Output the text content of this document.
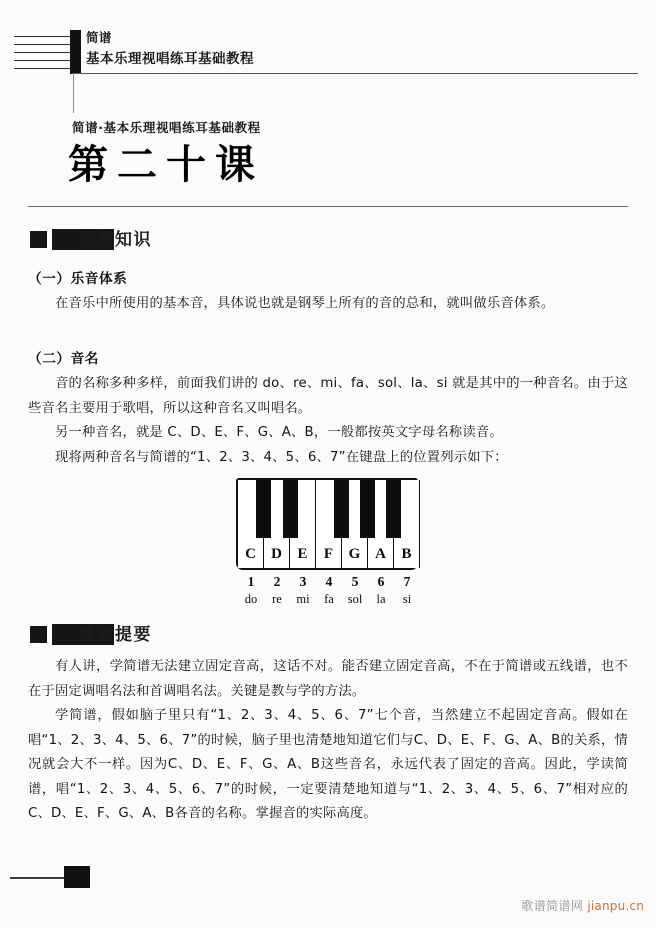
简谱
基本乐理视唱练耳基础教程
简谱·基本乐理视唱练耳基础教程
第二十课
乐理知识
（一）乐音体系

在音乐中所使用的基本音，具体说也就是钢琴上所有的音的总和，就叫做乐音体系。

（二）音名

音的名称多种多样，前面我们讲的 do、re、mi、fa、sol、la、si 就是其中的一种音名。由于这些音名主要用于歌唱，所以这种音名又叫唱名。

另一种音名，就是 C、D、E、F、G、A、B，一般都按英文字母名称读音。

现将两种音名与简谱的“1、2、3、4、5、6、7”在键盘上的位置列示如下：

C	D	E	F	G A	B
1	2	3	4	5	6	7
do	re	mi	fa	sol	la	si
读谱提要

有人讲，学简谱无法建立固定音高，这话不对。能否建立固定音高，不在于简谱或五线谱，也不在于固定调唱名法和首调唱名法。关键是教与学的方法。

学简谱，假如脑子里只有“1、2、3、4、5、6、7”七个音，当然建立不起固定音高。假如在唱“1、2、3、4、5、6、7”的时候，脑子里也清楚地知道它们与C、D、E、F、G、A、B的关系，情况就会大不一样。因为C、D、E、F、G、A、B这些音名，永远代表了固定的音高。因此，学读简谱，唱“1、2、3、4、5、6、7”的时候，一定要清楚地知道与“1、2、3、4、5、6、7”相对应的C、D、E、F、G、A、B各音的名称。掌握音的实际高度。

歌谱简谱网 jianpu.cn
